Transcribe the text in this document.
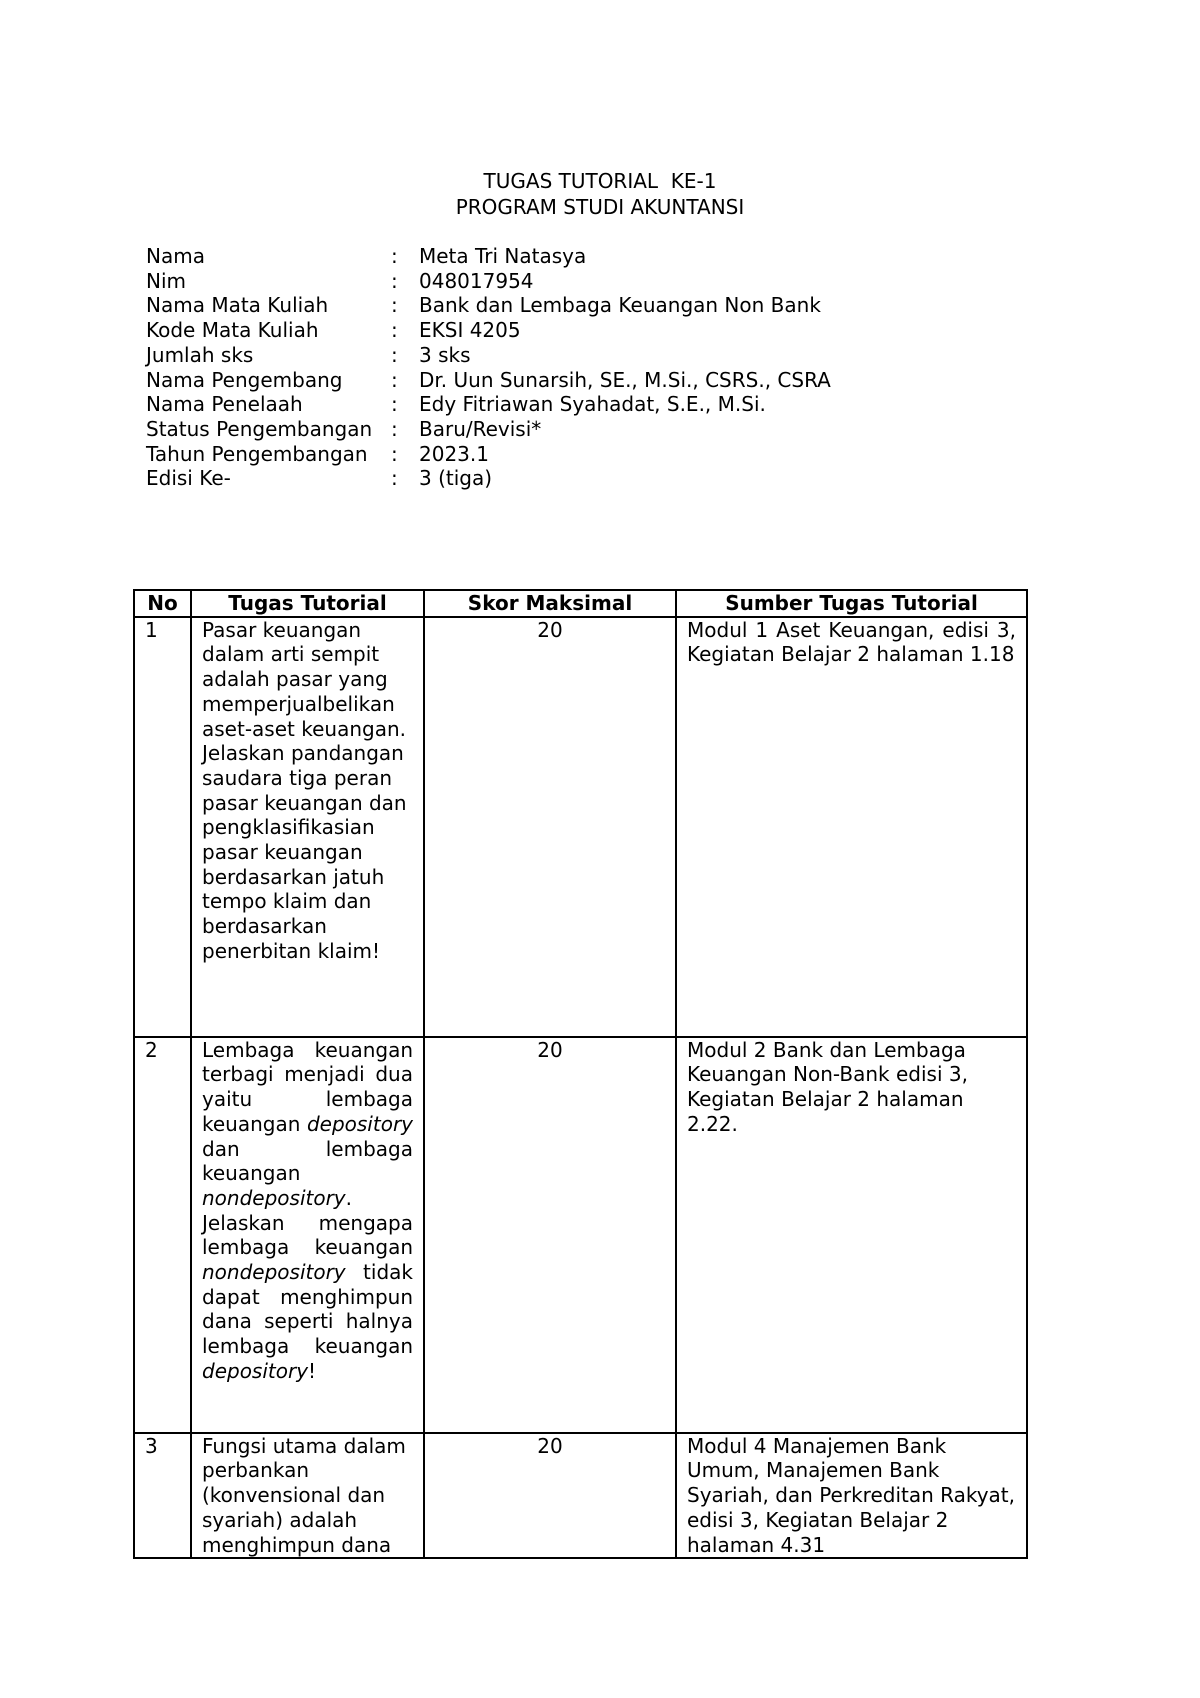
TUGAS TUTORIAL  KE-1
PROGRAM STUDI AKUNTANSI
Nama	:	Meta Tri Natasya
Nim	:	048017954
Nama Mata Kuliah	:	Bank dan Lembaga Keuangan Non Bank
Kode Mata Kuliah	:	EKSI 4205
Jumlah sks	:	3 sks
Nama Pengembang	:	Dr. Uun Sunarsih, SE., M.Si., CSRS., CSRA
Nama Penelaah	:	Edy Fitriawan Syahadat, S.E., M.Si.
Status Pengembangan	:	Baru/Revisi*
Tahun Pengembangan	:	2023.1
Edisi Ke-	:	3 (tiga)
No	Tugas Tutorial	Skor Maksimal	Sumber Tugas Tutorial
1	Pasar keuangan dalam arti sempit adalah pasar yang memperjualbelikan aset-aset keuangan. Jelaskan pandangan saudara tiga peran pasar keuangan dan pengklasifikasian pasar keuangan berdasarkan jatuh tempo klaim dan berdasarkan penerbitan klaim!	20	Modul 1 Aset Keuangan, edisi 3, Kegiatan Belajar 2 halaman 1.18
2	Lembaga keuangan terbagi menjadi dua yaitu lembaga keuangan depository dan lembaga keuangan nondepository. Jelaskan mengapa lembaga keuangan nondepository tidak dapat menghimpun dana seperti halnya lembaga keuangan depository!	20	Modul 2 Bank dan Lembaga Keuangan Non-Bank edisi 3, Kegiatan Belajar 2 halaman 2.22.
3	Fungsi utama dalam perbankan (konvensional dan syariah) adalah menghimpun dana	20	Modul 4 Manajemen Bank Umum, Manajemen Bank Syariah, dan Perkreditan Rakyat, edisi 3, Kegiatan Belajar 2 halaman 4.31
